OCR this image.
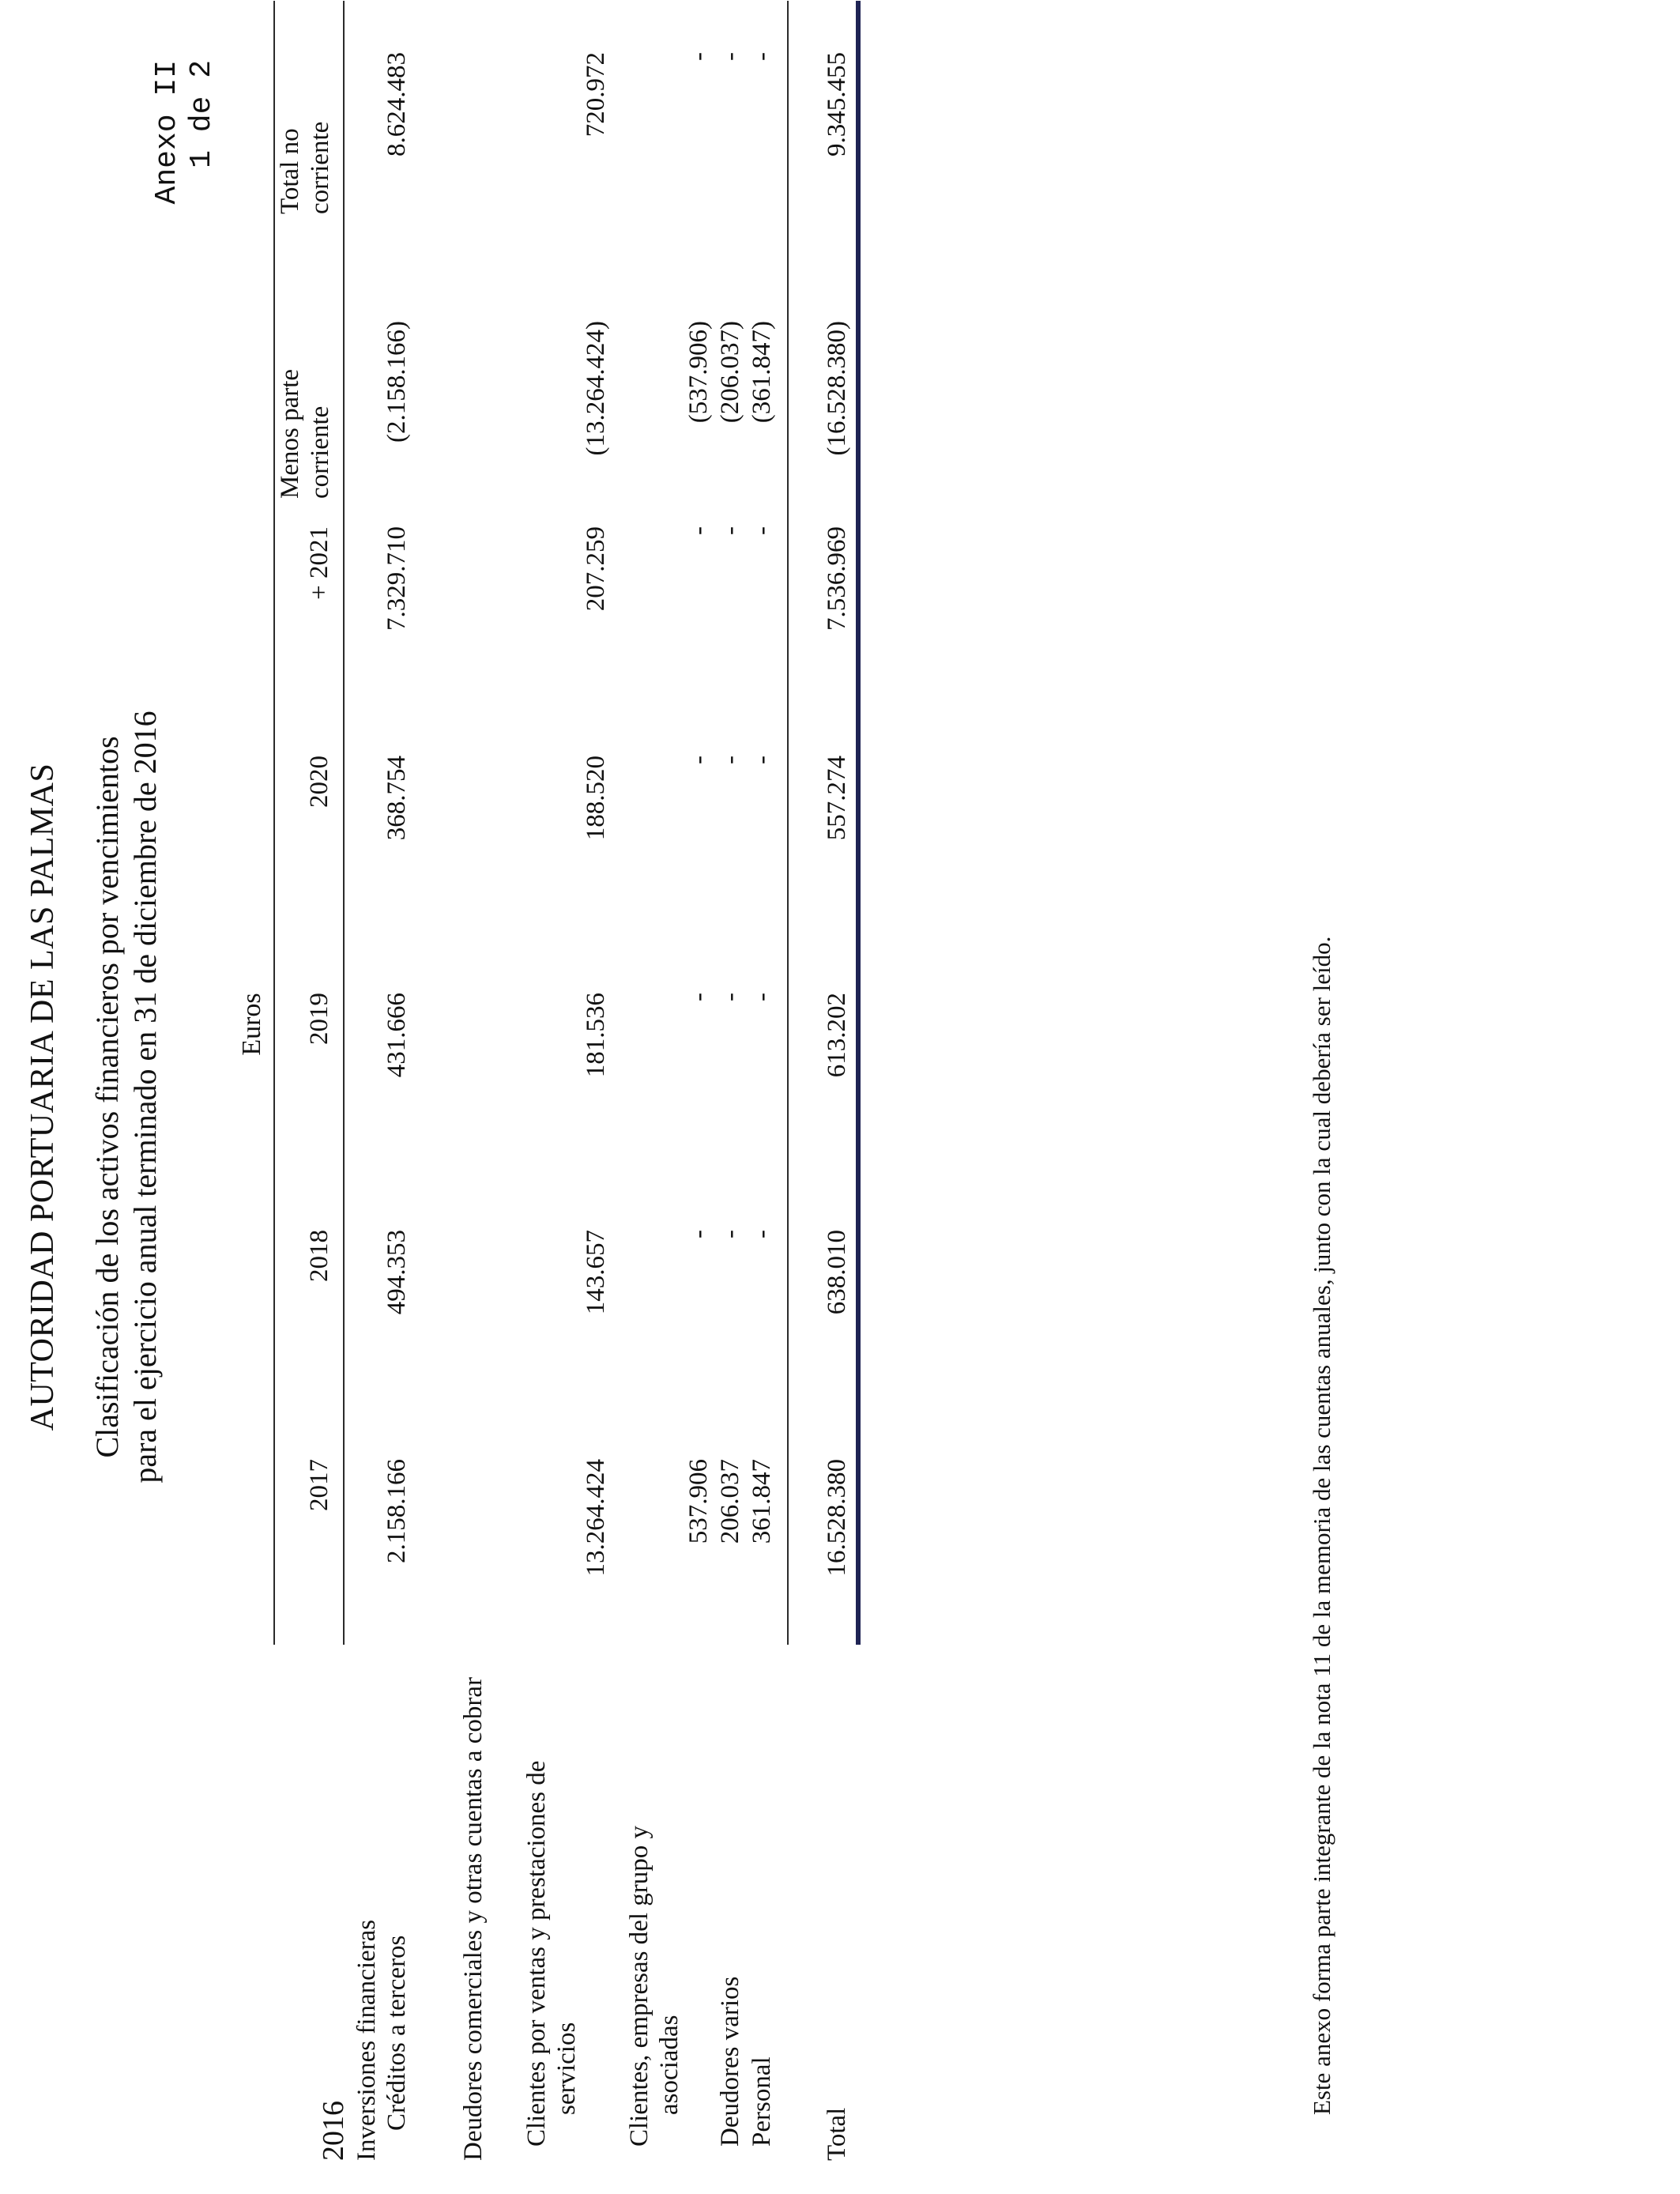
AUTORIDAD PORTUARIA DE LAS PALMAS Clasificación de los activos financieros por vencimientos para el ejercicio anual terminado en 31 de diciembre de 2016
Anexo II 1 de 2
Euros
2017
2018
2019
2020
+ 2021
Menos parte corriente
Total no corriente
2016 Inversiones financieras Créditos a terceros Deudores comerciales y otras cuentas a cobrar Clientes por ventas y prestaciones de servicios Clientes, empresas del grupo y asociadas Deudores varios Personal Total
2.158.166
494.353
431.666
368.754
7.329.710
(2.158.166)
8.624.483
13.264.424
143.657
181.536
188.520
207.259
(13.264.424)
720.972
537.906
-
-
-
-
(537.906)
-
206.037
-
-
-
-
(206.037)
-
361.847
-
-
-
-
(361.847)
-
16.528.380
638.010
613.202
557.274
7.536.969
(16.528.380)
9.345.455
Este anexo forma parte integrante de la nota 11 de la memoria de las cuentas anuales, junto con la cual debería ser leído.
